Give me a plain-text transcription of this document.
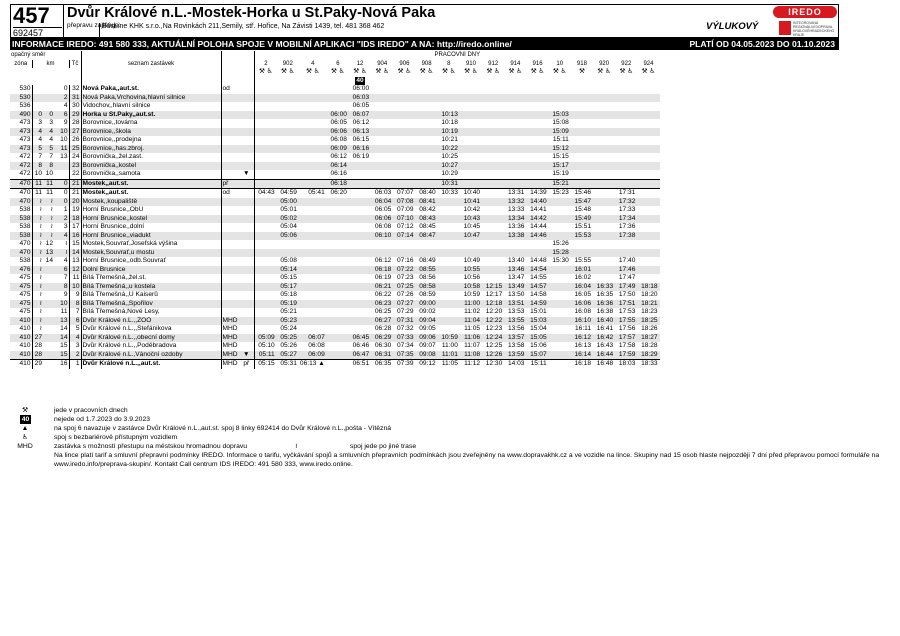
457
692457
Dvůr Králové n.L.-Mostek-Horka u St.Paky-Nová Paka
přepravu zajišťuje:
BusLine KHK s.r.o.,Na Rovinkách 211,Semily, stř. Hořice, Na Závisti 1439, tel. 481 368 462	VÝLUKOVÝ
IREDO
INTEGROVANÁ REGIONÁLNÍ DOPRAVA KRÁLOVÉHRADECKÉHO KRAJE
INFORMACE IREDO: 491 580 333, AKTUÁLNÍ POLOHA SPOJE V MOBILNÍ APLIKACI "IDS IREDO" A NA: http://iredo.online/	PLATÍ OD 04.05.2023 DO 01.10.2023
opačný směr								PRACOVNÍ DNY																	
zóna	km			Tč	seznam zastávek			2	902	4	6	12	904	906	908	8	910	912	914	916	10	918	920	922	924
								⚒ ♿	⚒ ♿	⚒ ♿	⚒ ♿	⚒ ♿	⚒ ♿	⚒ ♿	⚒ ♿	⚒ ♿	⚒ ♿	⚒ ♿	⚒ ♿	⚒ ♿	⚒ ♿	⚒	⚒ ♿	⚒ ♿	⚒ ♿
												40													
530			0	32	Nová Paka,,aut.st.	od						06:00													
530			2	31	Nová Paka,Vrchovina,hlavní silnice							06:03													
536			4	30	Vidochov,,hlavní silnice							06:05													
490	0	0	6	29	Horka u St.Paky,,aut.st.						06:00	06:07				10:13					15:03				
473	3	3	9	28	Borovnice,,továrna						06:05	06:12				10:18					15:08				
473	4	4	10	27	Borovnice,,škola						06:06	06:13				10:19					15:09				
473	4	4	10	26	Borovnice,,prodejna						06:08	06:15				10:21					15:11				
473	5	5	11	25	Borovnice,,has.zbroj.						06:09	06:16				10:22					15:12				
472	7	7	13	24	Borovnička,,žel.zast.						06:12	06:19				10:25					15:15				
472	8	8		23	Borovnička,,kostel						06:14					10:27					15:17				
472	10	10		22	Borovnička,,samota		▼				06:16					10:29					15:19				
470	11	11	0	21	Mostek,,aut.st.	př					06:18					10:31					15:21				
470	11	11	0	21	Mostek,,aut.st.	od		04:43	04:59	05:41	06:20		06:03	07:07	08:40	10:33	10:40		13:31	14:39	15:23	15:46		17:31	
470	≀	≀	0	20	Mostek,,koupaliště				05:00				06:04	07:08	08:41		10:41		13:32	14:40		15:47		17:32	
538	≀	≀	1	19	Horní Brusnice,,ObÚ				05:01				06:05	07:09	08:42		10:42		13:33	14:41		15:48		17:33	
538	≀	≀	2	18	Horní Brusnice,,kostel				05:02				06:06	07:10	08:43		10:43		13:34	14:42		15:49		17:34	
538	≀	≀	3	17	Horní Brusnice,,dolní				05:04				06:08	07:12	08:45		10:45		13:36	14:44		15:51		17:36	
538	≀	≀	4	16	Horní Brusnice,,viadukt				05:06				06:10	07:14	08:47		10:47		13:38	14:46		15:53		17:38	
470	≀	12	≀	15	Mostek,Souvrať,Josefská výšina																15:26				
470	≀	13	≀	14	Mostek,Souvrať,u mostu																15:28				
538	≀	14	4	13	Horní Brusnice,,odb.Souvrať				05:08				06:12	07:16	08:49		10:49		13:40	14:48	15:30	15:55		17:40	
476	≀		6	12	Dolní Brusnice				05:14				06:18	07:22	08:55		10:55		13:46	14:54		16:01		17:46	
475	≀		7	11	Bílá Třemešná,,žel.st.				05:15				06:19	07:23	08:56		10:56		13:47	14:55		16:02		17:47	
475	≀		8	10	Bílá Třemešná,,u kostela				05:17				06:21	07:25	08:58		10:58	12:15	13:49	14:57		16:04	16:33	17:49	18:18
475	≀		9	9	Bílá Třemešná,,U Kaiserů				05:18				06:22	07:26	08:59		10:59	12:17	13:50	14:58		16:05	16:35	17:50	18:20
475	≀		10	8	Bílá Třemešná,,Spořilov				05:19				06:23	07:27	09:00		11:00	12:18	13:51	14:59		16:06	16:36	17:51	18:21
475	≀		11	7	Bílá Třemešná,Nové Lesy,				05:21				06:25	07:29	09:02		11:02	12:20	13:53	15:01		16:08	16:38	17:53	18:23
410	≀		13	6	Dvůr Králové n.L.,,ZOO	MHD			05:23				06:27	07:31	09:04		11:04	12:22	13:55	15:03		16:10	16:40	17:55	18:25
410	≀		14	5	Dvůr Králové n.L.,,Štefánikova	MHD			05:24				06:28	07:32	09:05		11:05	12:23	13:56	15:04		16:11	16:41	17:56	18:26
410	27		14	4	Dvůr Králové n.L.,,obecní domy	MHD		05:09	05:25	06:07		06:45	06:29	07:33	09:06	10:59	11:06	12:24	13:57	15:05		16:12	16:42	17:57	18:27
410	28		15	3	Dvůr Králové n.L.,,Poděbradova	MHD		05:10	05:26	06:08		06:46	06:30	07:34	09:07	11:00	11:07	12:25	13:58	15:06		16:13	16:43	17:58	18:28
410	28		15	2	Dvůr Králové n.L.,Vánoční ozdoby	MHD	▼	05:11	05:27	06:09		06:47	06:31	07:35	09:08	11:01	11:08	12:26	13:59	15:07		16:14	16:44	17:59	18:29
410	29		16	1	Dvůr Králové n.L.,,aut.st.	MHD	př	05:15	05:31	06:13 ▲		06:51	06:35	07:39	09:12	11:05	11:12	12:30	14:03	15:11		16:18	16:48	18:03	18:33
⚒	jede v pracovních dnech
40	nejede od 1.7.2023 do 3.9.2023
▲	na spoj 6 navazuje v zastávce Dvůr Králové n.L.,aut.st. spoj 8 linky 692414 do Dvůr Králové n.L.,pošta - Vítězná
♿	spoj s bezbariérově přístupným vozidlem
MHD	zastávka s možností přestupu na městskou hromadnou dopravu	≀	spoj jede po jiné trase
Na lince platí tarif a smluvní přepravní podmínky IREDO. Informace o tarifu, vyčkávání spojů a smluvních přepravních podmínkách jsou zveřejněny na www.dopravakhk.cz a ve vozidle na lince. Skupiny nad 15 osob hlaste nejpozději 7 dní před přepravou pomocí formuláře na www.iredo.info/preprava-skupin/. Kontakt Call centrum IDS IREDO: 491 580 333, www.iredo.online.
